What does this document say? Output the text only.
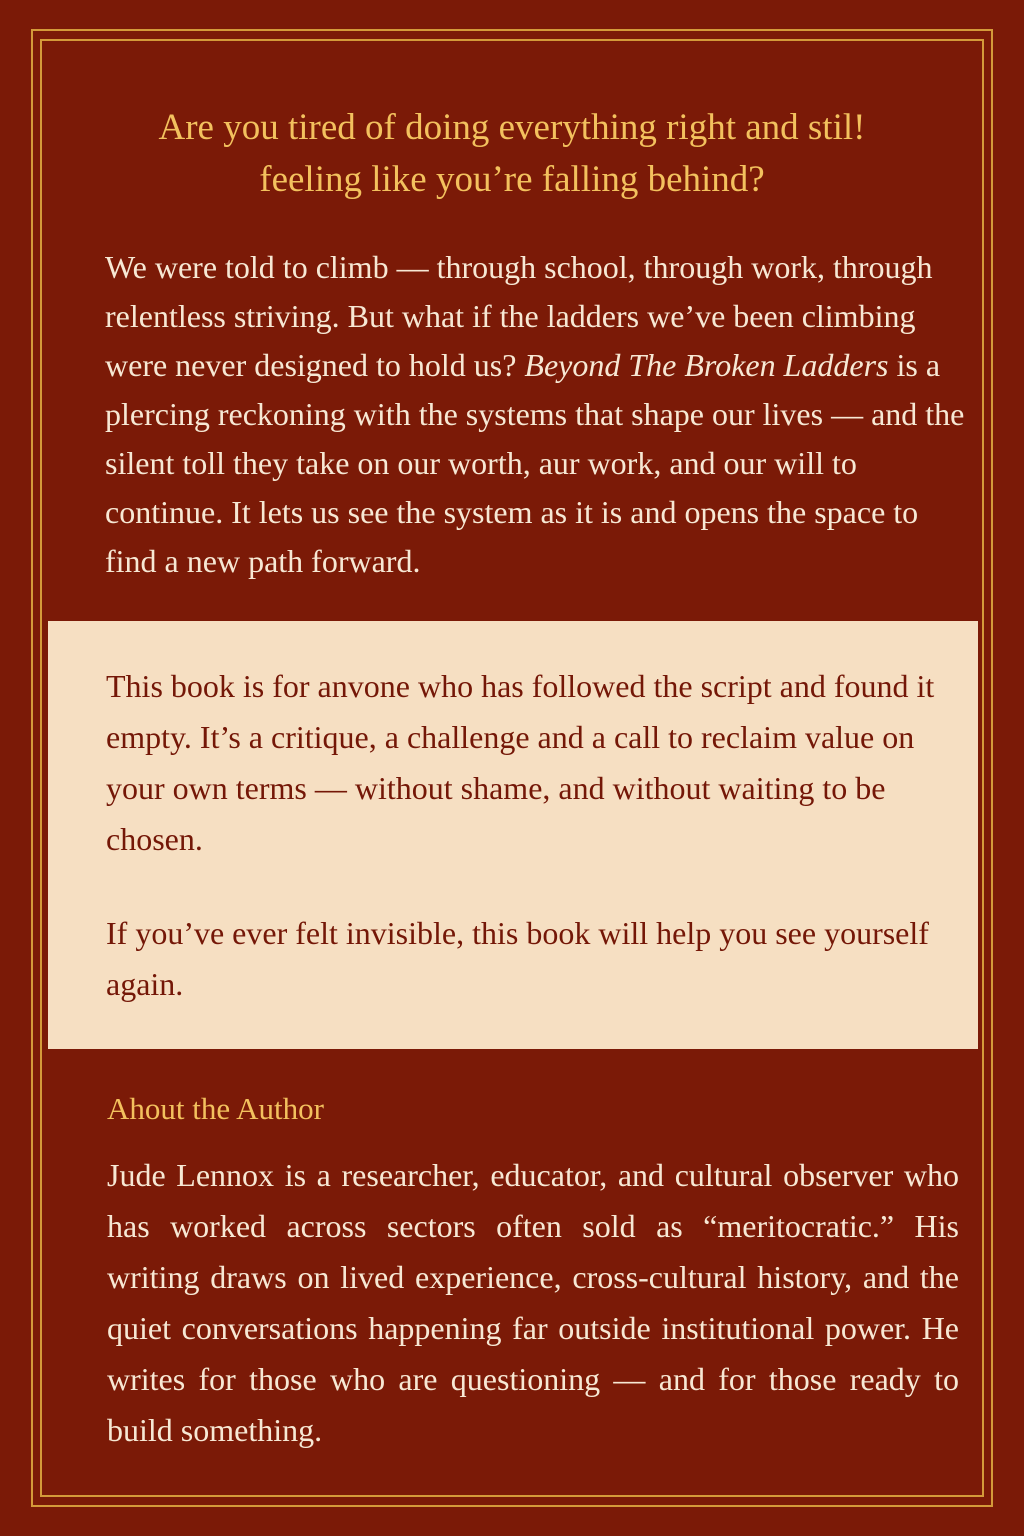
Are you tired of doing everything right and stil!
feeling like you’re falling behind?

We were told to climb — through school, through work, through relentless striving. But what if the ladders we’ve been climbing were never designed to hold us? Beyond The Broken Ladders is a plercing reckoning with the systems that shape our lives — and the silent toll they take on our worth, aur work, and our will to continue. It lets us see the system as it is and opens the space to find a new path forward.

This book is for anvone who has followed the script and found it empty. It’s a critique, a challenge and a call to reclaim value on your own terms — without shame, and without waiting to be chosen.

If you’ve ever felt invisible, this book will help you see yourself again.

Ahout the Author

Jude Lennox is a researcher, educator, and cultural observer who has worked across sectors often sold as “meritocratic.” His writing draws on lived experience, cross-cultural history, and the quiet conversations happening far outside institutional power. He writes for those who are questioning — and for those ready to build something.
